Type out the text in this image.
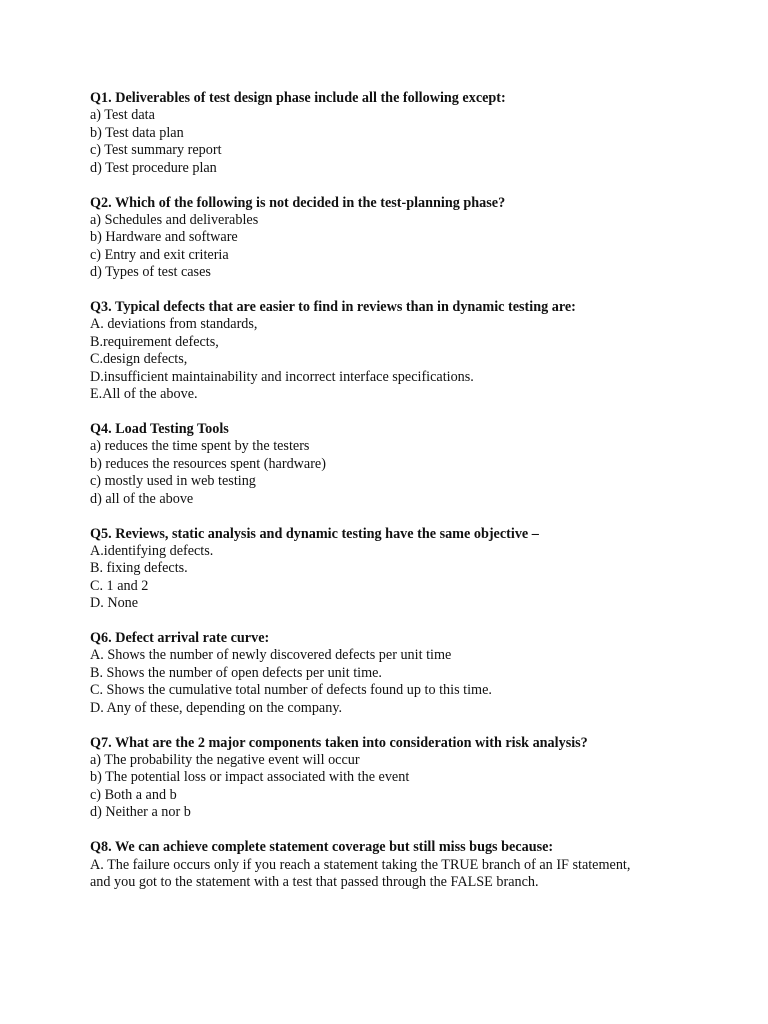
Q1. Deliverables of test design phase include all the following except:

a) Test data

b) Test data plan

c) Test summary report

d) Test procedure plan

Q2. Which of the following is not decided in the test-planning phase?

a) Schedules and deliverables

b) Hardware and software

c) Entry and exit criteria

d) Types of test cases

Q3. Typical defects that are easier to find in reviews than in dynamic testing are:

A. deviations from standards,

B.requirement defects,

C.design defects,

D.insufficient maintainability and incorrect interface specifications.

E.All of the above.

Q4. Load Testing Tools

a) reduces the time spent by the testers

b) reduces the resources spent (hardware)

c) mostly used in web testing

d) all of the above

Q5. Reviews, static analysis and dynamic testing have the same objective –

A.identifying defects.

B. fixing defects.

C. 1 and 2

D. None

Q6. Defect arrival rate curve:

A. Shows the number of newly discovered defects per unit time

B. Shows the number of open defects per unit time.

C. Shows the cumulative total number of defects found up to this time.

D. Any of these, depending on the company.

Q7. What are the 2 major components taken into consideration with risk analysis?

a) The probability the negative event will occur

b) The potential loss or impact associated with the event

c) Both a and b

d) Neither a nor b

Q8. We can achieve complete statement coverage but still miss bugs because:

A. The failure occurs only if you reach a statement taking the TRUE branch of an IF statement,

and you got to the statement with a test that passed through the FALSE branch.
